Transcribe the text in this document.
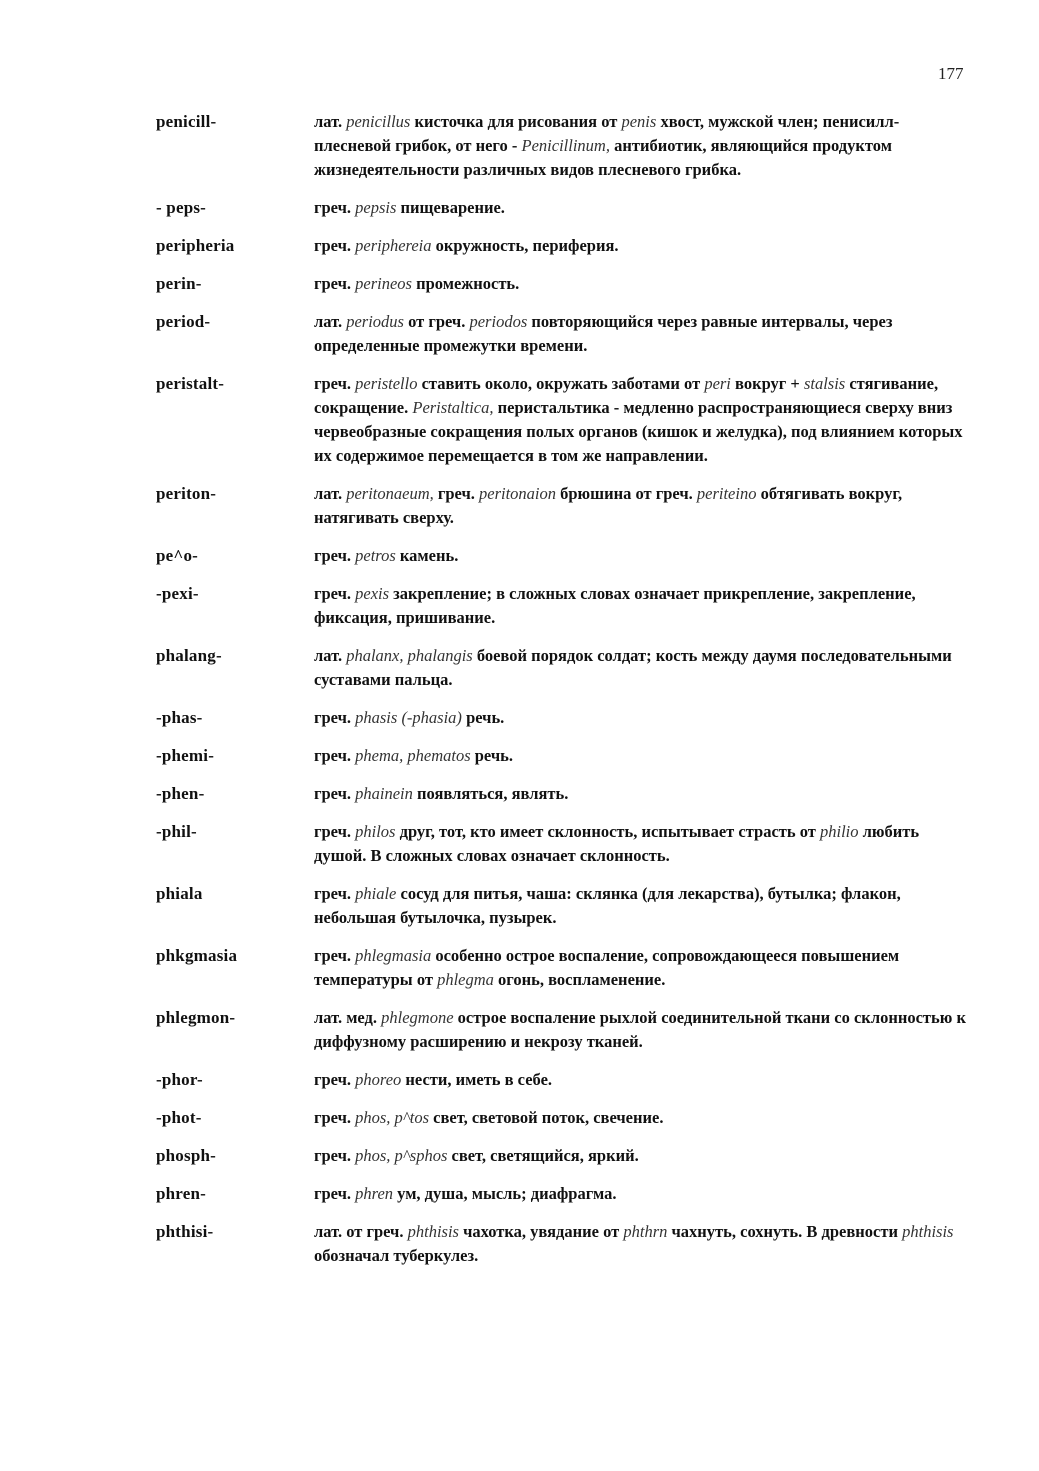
177
penicill-	лат. penicillus кисточка для рисования от penis хвост, мужской член; пенисилл- плесневой грибок, от него - Penicillinum, антибиотик, являющийся продуктом жизнедеятельности различных видов плесневого грибка.
- peps-	греч. pepsis пищеварение.
peripheria	греч. periphereia окружность, периферия.
perin-	греч. perineos промежность.
period-	лат. periodus от греч. periodos повторяющийся через равные интервалы, через определенные промежутки времени.
peristalt-	греч. peristello ставить около, окружать заботами от peri вокруг + stalsis стягивание, сокращение. Peristaltica, перистальтика - медленно распространяющиеся сверху вниз червеобразные сокращения полых органов (кишок и желудка), под влиянием которых их содержимое перемещается в том же направлении.
periton-	лат. peritonaeum, греч. peritonaion брюшина от греч. periteino обтягивать вокруг, натягивать сверху.
pe^o-	греч. petros камень.
-pexi-	греч. pexis закрепление; в сложных словах означает прикрепление, закрепление, фиксация, пришивание.
phalang-	лат. phalanx, phalangis боевой порядок солдат; кость между даумя последовательными суставами пальца.
-phas-	греч. phasis (-phasia) речь.
-phemi-	греч. phema, phematos речь.
-phen-	греч. phainein появляться, являть.
-phil-	греч. philos друг, тот, кто имеет склонность, испытывает страсть от philio любить душой. В сложных словах означает склонность.
phiala	греч. phiale сосуд для питья, чаша: склянка (для лекарства), бутылка; флакон, небольшая бутылочка, пузырек.
phkgmasia	греч. phlegmasia особенно острое воспаление, сопровождающееся повышением температуры от phlegma огонь, воспламенение.
phlegmon-	лат. мед. phlegmone острое воспаление рыхлой соединительной ткани со склонностью к диффузному расширению и некрозу тканей.
-phor-	греч. phoreo нести, иметь в себе.
-phot-	греч. phos, p^tos свет, световой поток, свечение.
phosph-	греч. phos, p^sphos свет, светящийся, яркий.
phren-	греч. phren ум, душа, мысль; диафрагма.
phthisi-	лат. от греч. phthisis чахотка, увядание от phthrn чахнуть, сохнуть. В древности phthisis обозначал туберкулез.
